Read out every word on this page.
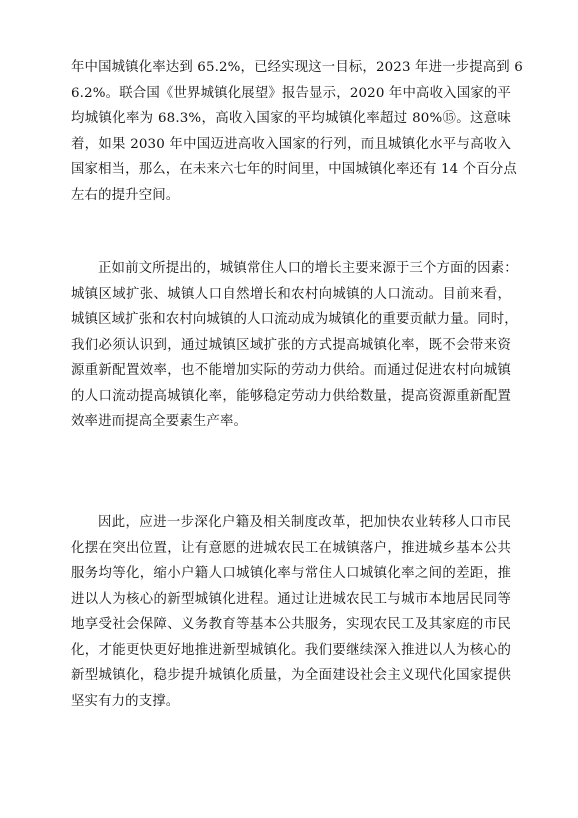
年中国城镇化率达到 65.2%，已经实现这一目标，2023 年进一步提高到 6
6.2%。联合国《世界城镇化展望》报告显示，2020 年中高收入国家的平
均城镇化率为 68.3%，高收入国家的平均城镇化率超过 80%⑮。这意味
着，如果 2030 年中国迈进高收入国家的行列，而且城镇化水平与高收入
国家相当，那么，在未来六七年的时间里，中国城镇化率还有 14 个百分点
左右的提升空间。
正如前文所提出的，城镇常住人口的增长主要来源于三个方面的因素：
城镇区域扩张、城镇人口自然增长和农村向城镇的人口流动。目前来看，
城镇区域扩张和农村向城镇的人口流动成为城镇化的重要贡献力量。同时，
我们必须认识到，通过城镇区域扩张的方式提高城镇化率，既不会带来资
源重新配置效率，也不能增加实际的劳动力供给。而通过促进农村向城镇
的人口流动提高城镇化率，能够稳定劳动力供给数量，提高资源重新配置
效率进而提高全要素生产率。
因此，应进一步深化户籍及相关制度改革，把加快农业转移人口市民
化摆在突出位置，让有意愿的进城农民工在城镇落户，推进城乡基本公共
服务均等化，缩小户籍人口城镇化率与常住人口城镇化率之间的差距，推
进以人为核心的新型城镇化进程。通过让进城农民工与城市本地居民同等
地享受社会保障、义务教育等基本公共服务，实现农民工及其家庭的市民
化，才能更快更好地推进新型城镇化。我们要继续深入推进以人为核心的
新型城镇化，稳步提升城镇化质量，为全面建设社会主义现代化国家提供
坚实有力的支撑。
